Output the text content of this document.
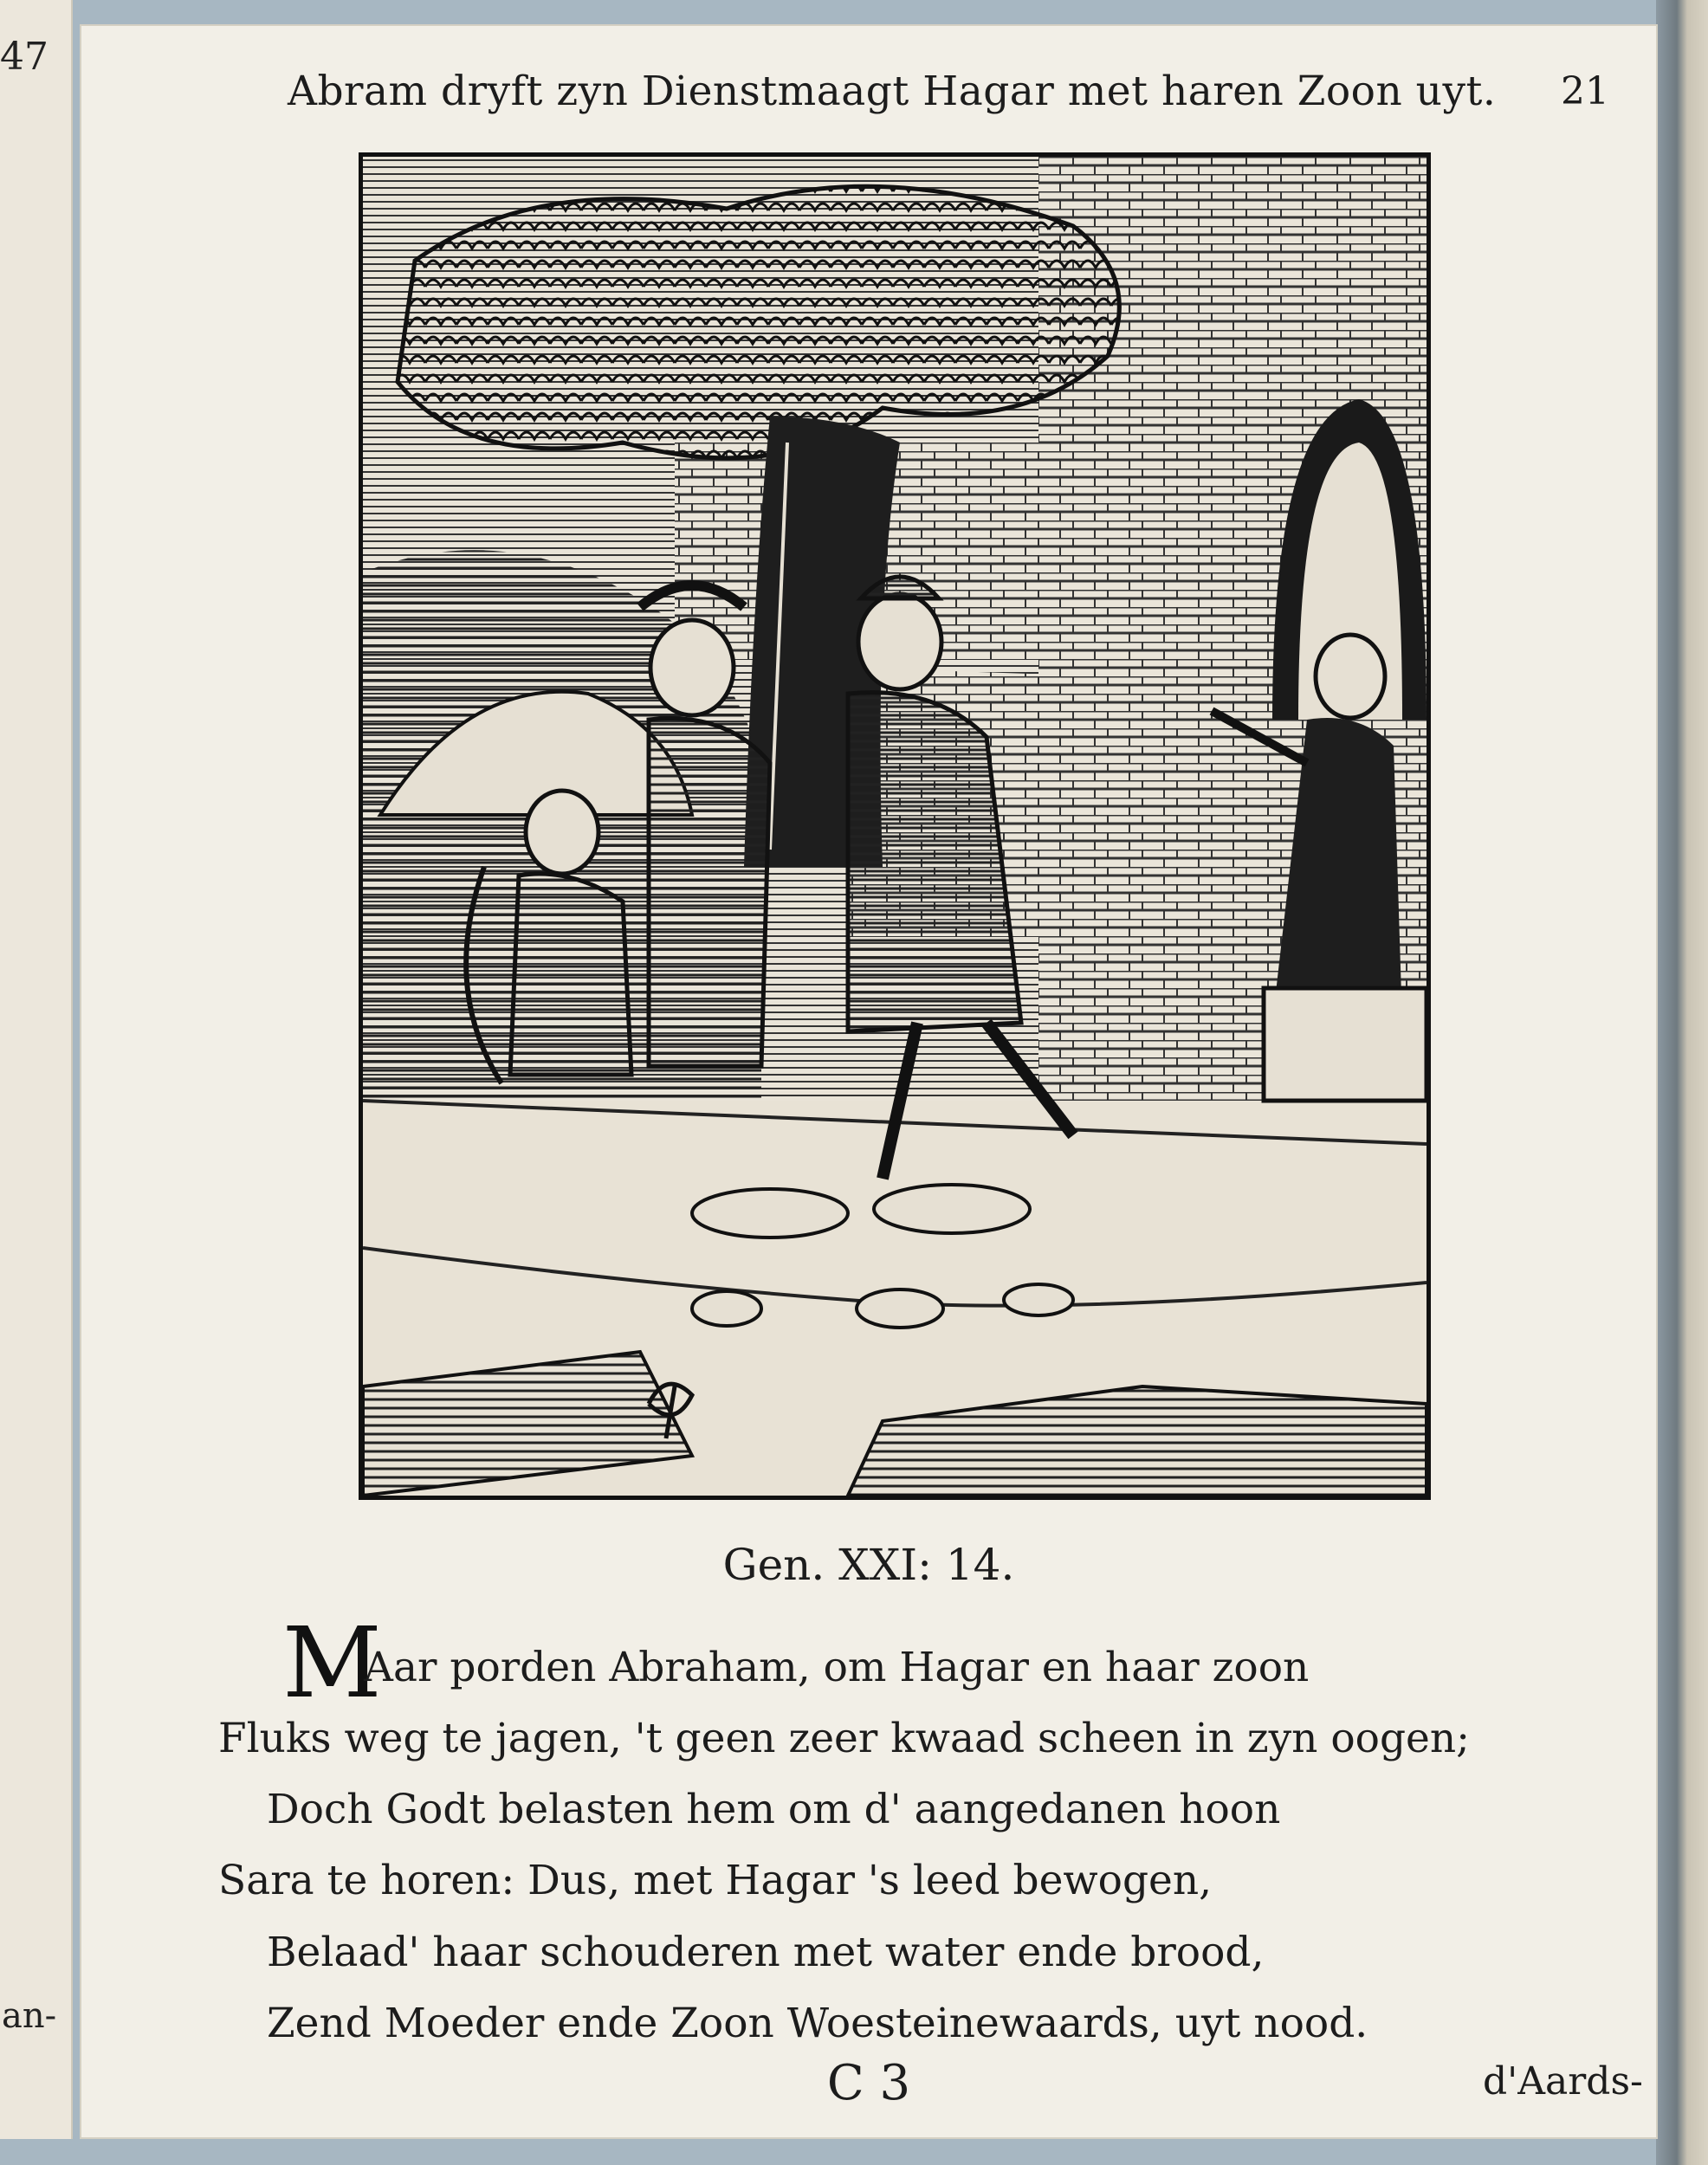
47
an-
Abram dryft zyn Dienstmaagt Hagar met haren Zoon uyt.	21
Gen. XXI: 14.
M
Aar porden Abraham, om Hagar en haar zoon
Fluks weg te jagen, 't geen zeer kwaad scheen in zyn oogen;
Doch Godt belasten hem om d' aangedanen hoon
Sara te horen: Dus, met Hagar 's leed bewogen,
Belaad' haar schouderen met water ende brood,
Zend Moeder ende Zoon Woesteinewaards, uyt nood.
C 3	d'Aards-
